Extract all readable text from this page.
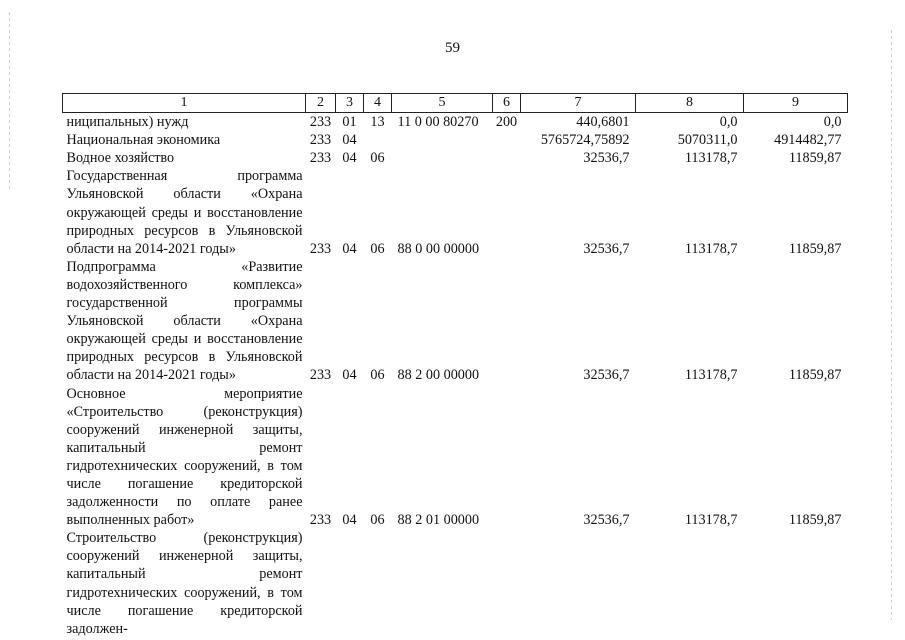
59
1	2	3	4	5	6	7	8	9
ниципальных) нужд	233	01	13	11 0 00 80270	200	440,6801	0,0	0,0
Национальная экономика	233	04				5765724,75892	5070311,0	4914482,77
Водное хозяйство	233	04	06			32536,7	113178,7	11859,87
Государственная программа Ульяновской области «Охрана окружающей среды и восстановление природных ресурсов в Ульяновской области на 2014-2021 годы»	233	04	06	88 0 00 00000		32536,7	113178,7	11859,87
Подпрограмма «Развитие водохозяйственного комплекса» государственной программы Ульяновской области «Охрана окружающей среды и восстановление природных ресурсов в Ульяновской области на 2014-2021 годы»	233	04	06	88 2 00 00000		32536,7	113178,7	11859,87
Основное мероприятие «Строительство (реконструкция) сооружений инженерной защиты, капитальный ремонт гидротехнических сооружений, в том числе погашение кредиторской задолженности по оплате ранее выполненных работ»	233	04	06	88 2 01 00000		32536,7	113178,7	11859,87
Строительство (реконструкция) сооружений инженерной защиты, капитальный ремонт гидротехнических сооружений, в том числе погашение кредиторской задолжен-								
